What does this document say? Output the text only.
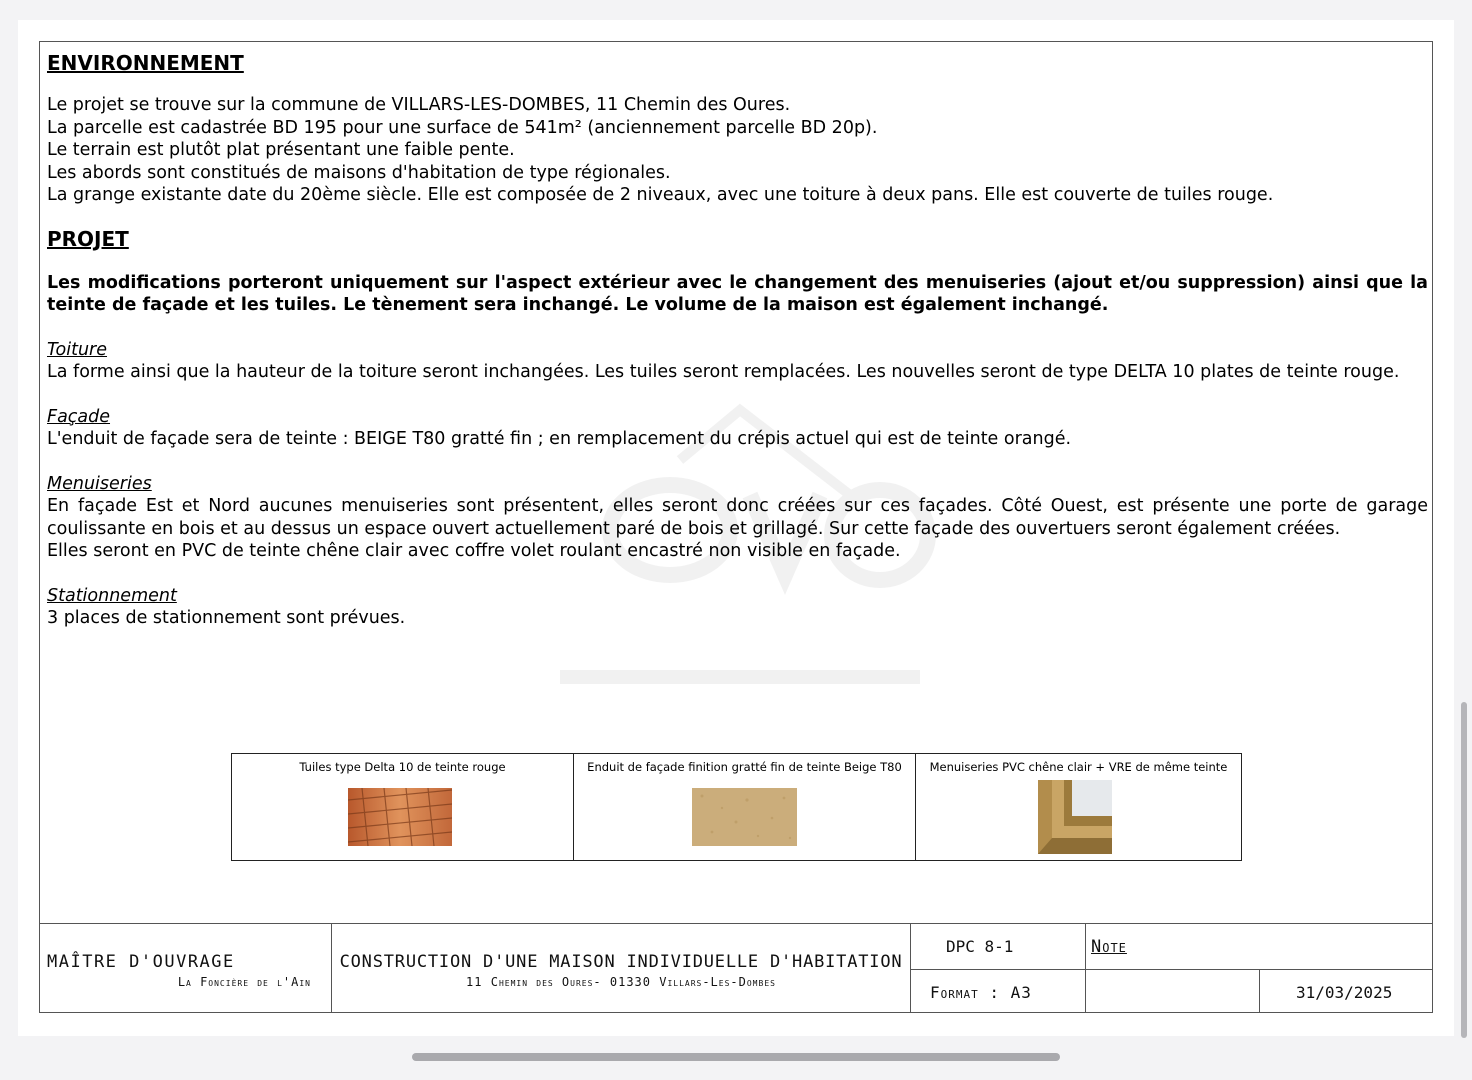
ENVIRONNEMENT
Le projet se trouve sur la commune de VILLARS-LES-DOMBES, 11 Chemin des Oures.
La parcelle est cadastrée BD 195 pour une surface de 541m² (anciennement parcelle BD 20p).
Le terrain est plutôt plat présentant une faible pente.
Les abords sont constitués de maisons d'habitation de type régionales.
La grange existante date du 20ème siècle. Elle est composée de 2 niveaux, avec une toiture à deux pans. Elle est couverte de tuiles rouge.
PROJET
Les modifications porteront uniquement sur l'aspect extérieur avec le changement des menuiseries (ajout et/ou suppression) ainsi que la teinte de façade et les tuiles. Le tènement sera inchangé. Le volume de la maison est également inchangé.
Toiture
La forme ainsi que la hauteur de la toiture seront inchangées. Les tuiles seront remplacées. Les nouvelles seront de type DELTA 10 plates de teinte rouge.
Façade
L'enduit de façade sera de teinte : BEIGE T80 gratté fin ; en remplacement du crépis actuel qui est de teinte orangé.
Menuiseries
En façade Est et Nord aucunes menuiseries sont présentent, elles seront donc créées sur ces façades. Côté Ouest, est présente une porte de garage coulissante en bois et au dessus un espace ouvert actuellement paré de bois et grillagé. Sur cette façade des ouvertuers seront également créées.
Elles seront en PVC de teinte chêne clair avec coffre volet roulant encastré non visible en façade.
Stationnement
3 places de stationnement sont prévues.
Tuiles type Delta 10 de teinte rouge	Enduit de façade finition gratté fin de teinte Beige T80	Menuiseries PVC chêne clair + VRE de même teinte
MAÎTRE D'OUVRAGE
La Foncière de l'Ain
CONSTRUCTION D'UNE MAISON INDIVIDUELLE D'HABITATION
11 Chemin des Oures- 01330 Villars-Les-Dombes
DPC 8-1	Note
Format : A3	31/03/2025
